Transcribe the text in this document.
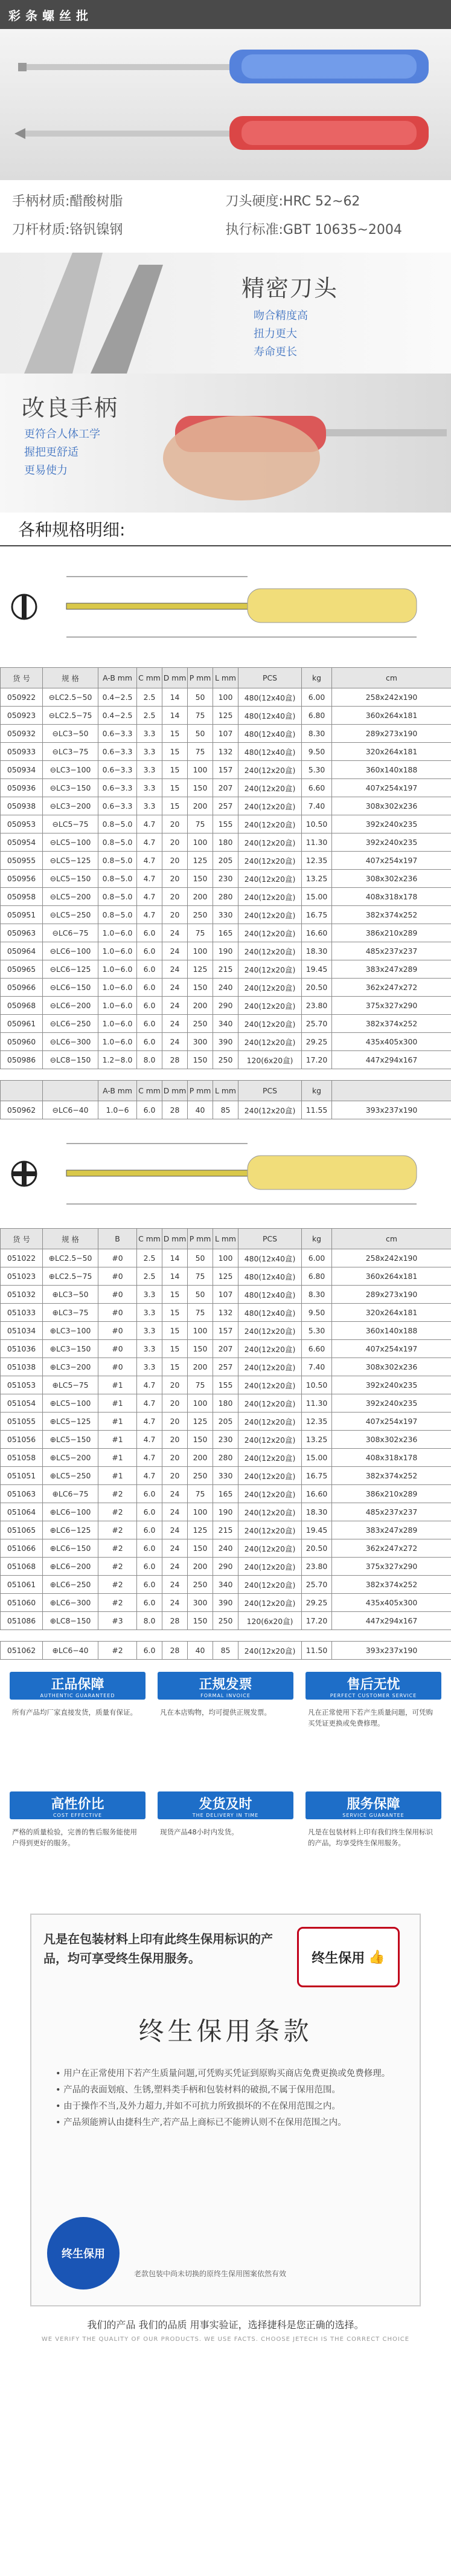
彩条螺丝批
手柄材质:醋酸树脂	刀头硬度:HRC 52~62
刀杆材质:铬钒镍钢	执行标准:GBT 10635~2004
精密刀头
吻合精度高
扭力更大
寿命更长
改良手柄
更符合人体工学
握把更舒适
更易使力
各种规格明细:
货 号	规 格	A-B mm	C mm	D mm	P mm	L mm	PCS	kg	cm
050922	⊖LC2.5−50	0.4−2.5	2.5	14	50	100	480(12x40盒)	6.00	258x242x190
050923	⊖LC2.5−75	0.4−2.5	2.5	14	75	125	480(12x40盒)	6.80	360x264x181
050932	⊖LC3−50	0.6−3.3	3.3	15	50	107	480(12x40盒)	8.30	289x273x190
050933	⊖LC3−75	0.6−3.3	3.3	15	75	132	480(12x40盒)	9.50	320x264x181
050934	⊖LC3−100	0.6−3.3	3.3	15	100	157	240(12x20盒)	5.30	360x140x188
050936	⊖LC3−150	0.6−3.3	3.3	15	150	207	240(12x20盒)	6.60	407x254x197
050938	⊖LC3−200	0.6−3.3	3.3	15	200	257	240(12x20盒)	7.40	308x302x236
050953	⊖LC5−75	0.8−5.0	4.7	20	75	155	240(12x20盒)	10.50	392x240x235
050954	⊖LC5−100	0.8−5.0	4.7	20	100	180	240(12x20盒)	11.30	392x240x235
050955	⊖LC5−125	0.8−5.0	4.7	20	125	205	240(12x20盒)	12.35	407x254x197
050956	⊖LC5−150	0.8−5.0	4.7	20	150	230	240(12x20盒)	13.25	308x302x236
050958	⊖LC5−200	0.8−5.0	4.7	20	200	280	240(12x20盒)	15.00	408x318x178
050951	⊖LC5−250	0.8−5.0	4.7	20	250	330	240(12x20盒)	16.75	382x374x252
050963	⊖LC6−75	1.0−6.0	6.0	24	75	165	240(12x20盒)	16.60	386x210x289
050964	⊖LC6−100	1.0−6.0	6.0	24	100	190	240(12x20盒)	18.30	485x237x237
050965	⊖LC6−125	1.0−6.0	6.0	24	125	215	240(12x20盒)	19.45	383x247x289
050966	⊖LC6−150	1.0−6.0	6.0	24	150	240	240(12x20盒)	20.50	362x247x272
050968	⊖LC6−200	1.0−6.0	6.0	24	200	290	240(12x20盒)	23.80	375x327x290
050961	⊖LC6−250	1.0−6.0	6.0	24	250	340	240(12x20盒)	25.70	382x374x252
050960	⊖LC6−300	1.0−6.0	6.0	24	300	390	240(12x20盒)	29.25	435x405x300
050986	⊖LC8−150	1.2−8.0	8.0	28	150	250	120(6x20盒)	17.20	447x294x167
		A-B mm	C mm	D mm	P mm	L mm	PCS	kg	
050962	⊖LC6−40	1.0−6	6.0	28	40	85	240(12x20盒)	11.55	393x237x190
货 号	规 格	B	C mm	D mm	P mm	L mm	PCS	kg	cm
051022	⊕LC2.5−50	#0	2.5	14	50	100	480(12x40盒)	6.00	258x242x190
051023	⊕LC2.5−75	#0	2.5	14	75	125	480(12x40盒)	6.80	360x264x181
051032	⊕LC3−50	#0	3.3	15	50	107	480(12x40盒)	8.30	289x273x190
051033	⊕LC3−75	#0	3.3	15	75	132	480(12x40盒)	9.50	320x264x181
051034	⊕LC3−100	#0	3.3	15	100	157	240(12x20盒)	5.30	360x140x188
051036	⊕LC3−150	#0	3.3	15	150	207	240(12x20盒)	6.60	407x254x197
051038	⊕LC3−200	#0	3.3	15	200	257	240(12x20盒)	7.40	308x302x236
051053	⊕LC5−75	#1	4.7	20	75	155	240(12x20盒)	10.50	392x240x235
051054	⊕LC5−100	#1	4.7	20	100	180	240(12x20盒)	11.30	392x240x235
051055	⊕LC5−125	#1	4.7	20	125	205	240(12x20盒)	12.35	407x254x197
051056	⊕LC5−150	#1	4.7	20	150	230	240(12x20盒)	13.25	308x302x236
051058	⊕LC5−200	#1	4.7	20	200	280	240(12x20盒)	15.00	408x318x178
051051	⊕LC5−250	#1	4.7	20	250	330	240(12x20盒)	16.75	382x374x252
051063	⊕LC6−75	#2	6.0	24	75	165	240(12x20盒)	16.60	386x210x289
051064	⊕LC6−100	#2	6.0	24	100	190	240(12x20盒)	18.30	485x237x237
051065	⊕LC6−125	#2	6.0	24	125	215	240(12x20盒)	19.45	383x247x289
051066	⊕LC6−150	#2	6.0	24	150	240	240(12x20盒)	20.50	362x247x272
051068	⊕LC6−200	#2	6.0	24	200	290	240(12x20盒)	23.80	375x327x290
051061	⊕LC6−250	#2	6.0	24	250	340	240(12x20盒)	25.70	382x374x252
051060	⊕LC6−300	#2	6.0	24	300	390	240(12x20盒)	29.25	435x405x300
051086	⊕LC8−150	#3	8.0	28	150	250	120(6x20盒)	17.20	447x294x167
051062	⊕LC6−40	#2	6.0	28	40	85	240(12x20盒)	11.50	393x237x190
正品保障
AUTHENTIC GUARANTEED

所有产品均厂家直接发货，质量有保证。

正规发票
FORMAL INVOICE

凡在本店购物，均可提供正规发票。

售后无忧
PERFECT CUSTOMER SERVICE

凡在正常使用下若产生质量问题，可凭购买凭证更换或免费修理。

高性价比
COST EFFECTIVE

严格的质量检验，完善的售后服务能使用户得到更好的服务。

发货及时
THE DELIVERY IN TIME

现货产品48小时内发货。

服务保障
SERVICE GUARANTEE

凡是在包装材料上印有我们终生保用标识的产品，均享受终生保用服务。

凡是在包装材料上印有此终生保用标识的产品，均可享受终生保用服务。	终生保用 👍
终生保用条款
• 用户在正常使用下若产生质量问题,可凭购买凭证到原购买商店免费更换或免费修理。
• 产品的表面划痕、生锈,塑料类手柄和包装材料的破损,不属于保用范围。
• 由于操作不当,及外力超力,并如不可抗力所致损坏的不在保用范围之内。
• 产品须能辨认由捷科生产,若产品上商标已不能辨认则不在保用范围之内。
终生保用
老款包装中尚未切换的原终生保用图案依然有效
我们的产品 我们的品质 用事实验证，选择捷科是您正确的选择。
WE VERIFY THE QUALITY OF OUR PRODUCTS. WE USE FACTS. CHOOSE JETECH IS THE CORRECT CHOICE
